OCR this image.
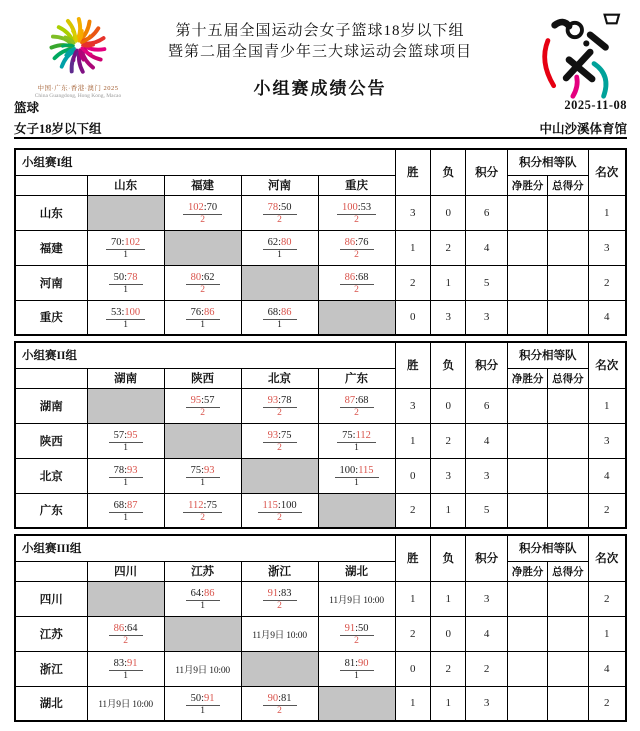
中国·广东·香港·澳门 2025
China Guangdong, Hong Kong, Macao
第十五届全国运动会女子篮球18岁以下组
暨第二届全国青少年三大球运动会篮球项目
小组赛成绩公告
篮球
女子18岁以下组
2025-11-08
中山沙溪体育馆
小组赛I组					胜	负	积分	积分相等队		名次
	山东	福建	河南	重庆				净胜分	总得分	
山东		$\frac{102:70}{2}$	$\frac{78:50}{2}$	$\frac{100:53}{2}$	3	0	6			1
福建	$\frac{70:102}{1}$		$\frac{62:80}{1}$	$\frac{86:76}{2}$	1	2	4			3
河南	$\frac{50:78}{1}$	$\frac{80:62}{2}$		$\frac{86:68}{2}$	2	1	5			2
重庆	$\frac{53:100}{1}$	$\frac{76:86}{1}$	$\frac{68:86}{1}$		0	3	3			4
小组赛II组					胜	负	积分	积分相等队		名次
	湖南	陕西	北京	广东				净胜分	总得分	
湖南		$\frac{95:57}{2}$	$\frac{93:78}{2}$	$\frac{87:68}{2}$	3	0	6			1
陕西	$\frac{57:95}{1}$		$\frac{93:75}{2}$	$\frac{75:112}{1}$	1	2	4			3
北京	$\frac{78:93}{1}$	$\frac{75:93}{1}$		$\frac{100:115}{1}$	0	3	3			4
广东	$\frac{68:87}{1}$	$\frac{112:75}{2}$	$\frac{115:100}{2}$		2	1	5			2
小组赛III组					胜	负	积分	积分相等队		名次
	四川	江苏	浙江	湖北				净胜分	总得分	
四川		$\frac{64:86}{1}$	$\frac{91:83}{2}$	11月9日 10:00	1	1	3			2
江苏	$\frac{86:64}{2}$		11月9日 10:00	$\frac{91:50}{2}$	2	0	4			1
浙江	$\frac{83:91}{1}$	11月9日 10:00		$\frac{81:90}{1}$	0	2	2			4
湖北	11月9日 10:00	$\frac{50:91}{1}$	$\frac{90:81}{2}$		1	1	3			2
